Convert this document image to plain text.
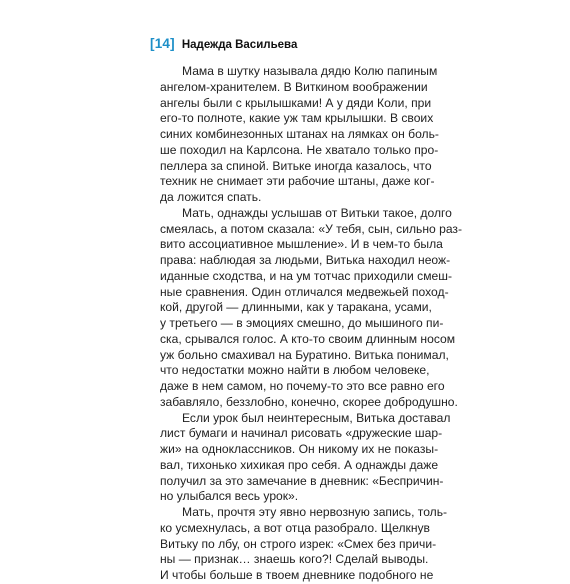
[14] Надежда Васильева

Мама в шутку называла дядю Колю папиным
ангелом-хранителем. В Виткином воображении
ангелы были с крылышками! А у дяди Коли, при
его-то полноте, какие уж там крылышки. В своих
синих комбинезонных штанах на лямках он боль-
ше походил на Карлсона. Не хватало только про-
пеллера за спиной. Витьке иногда казалось, что
техник не снимает эти рабочие штаны, даже ког-
да ложится спать.

Мать, однажды услышав от Витьки такое, долго
смеялась, а потом сказала: «У тебя, сын, сильно раз-
вито ассоциативное мышление». И в чем-то была
права: наблюдая за людьми, Витька находил неож-
иданные сходства, и на ум тотчас приходили смеш-
ные сравнения. Один отличался медвежьей поход-
кой, другой — длинными, как у таракана, усами,
у третьего — в эмоциях смешно, до мышиного пи-
ска, срывался голос. А кто-то своим длинным носом
уж больно смахивал на Буратино. Витька понимал,
что недостатки можно найти в любом человеке,
даже в нем самом, но почему-то это все равно его
забавляло, беззлобно, конечно, скорее добродушно.

Если урок был неинтересным, Витька доставал
лист бумаги и начинал рисовать «дружеские шар-
жи» на одноклассников. Он никому их не показы-
вал, тихонько хихикая про себя. А однажды даже
получил за это замечание в дневник: «Беспричин-
но улыбался весь урок».

Мать, прочтя эту явно нервозную запись, толь-
ко усмехнулась, а вот отца разобрало. Щелкнув
Витьку по лбу, он строго изрек: «Смех без причи-
ны — признак… знаешь кого?! Сделай выводы.
И чтобы больше в твоем дневнике подобного не
